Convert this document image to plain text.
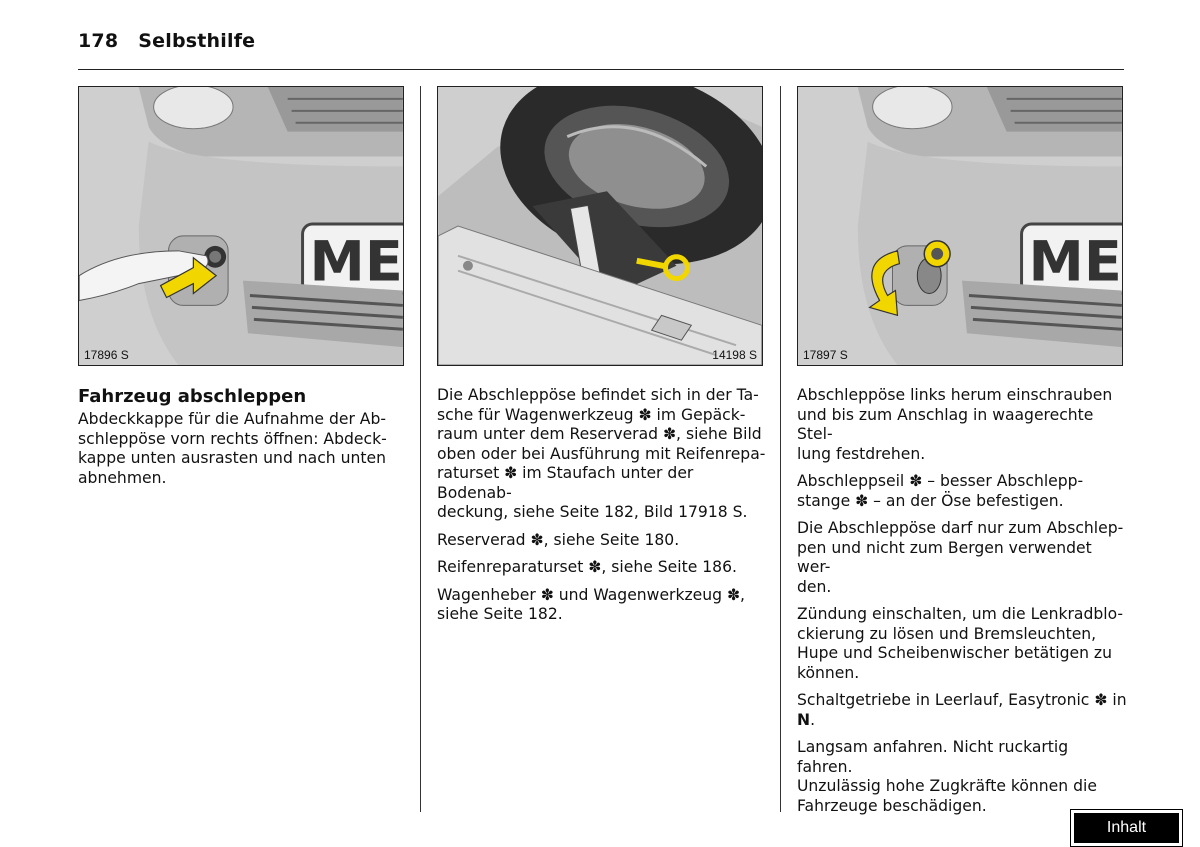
178 Selbsthilfe
ME
17896 S	14198 S
ME
17897 S
Fahrzeug abschleppen

Abdeckkappe für die Aufnahme der Ab-
schleppöse vorn rechts öffnen: Abdeck-
kappe unten ausrasten und nach unten
abnehmen.

Die Abschleppöse befindet sich in der Ta-
sche für Wagenwerkzeug ✽ im Gepäck-
raum unter dem Reserverad ✽, siehe Bild
oben oder bei Ausführung mit Reifenrepa-
raturset ✽ im Staufach unter der Bodenab-
deckung, siehe Seite 182, Bild 17918 S.

Reserverad ✽, siehe Seite 180.

Reifenreparaturset ✽, siehe Seite 186.

Wagenheber ✽ und Wagenwerkzeug ✽,
siehe Seite 182.

Abschleppöse links herum einschrauben
und bis zum Anschlag in waagerechte Stel-
lung festdrehen.

Abschleppseil ✽ – besser Abschlepp-
stange ✽ – an der Öse befestigen.

Die Abschleppöse darf nur zum Abschlep-
pen und nicht zum Bergen verwendet wer-
den.

Zündung einschalten, um die Lenkradblo-
ckierung zu lösen und Bremsleuchten,
Hupe und Scheibenwischer betätigen zu
können.

Schaltgetriebe in Leerlauf, Easytronic ✽ in
N.

Langsam anfahren. Nicht ruckartig fahren.
Unzulässig hohe Zugkräfte können die
Fahrzeuge beschädigen.

Inhalt
